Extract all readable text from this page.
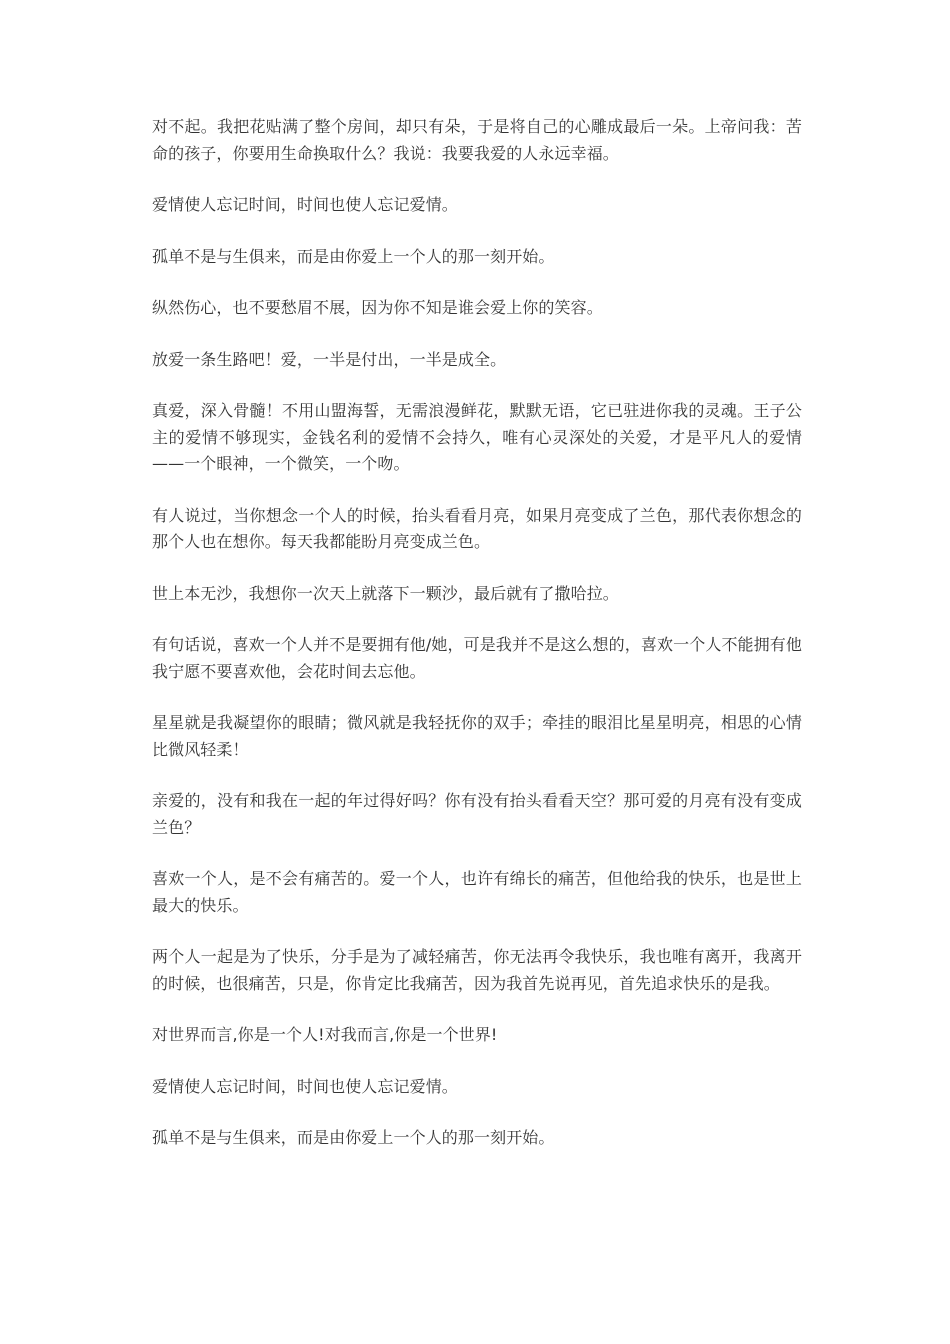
对不起。我把花贴满了整个房间，却只有朵，于是将自己的心雕成最后一朵。上帝问我：苦命的孩子，你要用生命换取什么？我说：我要我爱的人永远幸福。

爱情使人忘记时间，时间也使人忘记爱情。

孤单不是与生俱来，而是由你爱上一个人的那一刻开始。

纵然伤心，也不要愁眉不展，因为你不知是谁会爱上你的笑容。

放爱一条生路吧！爱，一半是付出，一半是成全。

真爱，深入骨髓！不用山盟海誓，无需浪漫鲜花，默默无语，它已驻进你我的灵魂。王子公主的爱情不够现实，金钱名利的爱情不会持久，唯有心灵深处的关爱，才是平凡人的爱情——一个眼神，一个微笑，一个吻。

有人说过，当你想念一个人的时候，抬头看看月亮，如果月亮变成了兰色，那代表你想念的那个人也在想你。每天我都能盼月亮变成兰色。

世上本无沙，我想你一次天上就落下一颗沙，最后就有了撒哈拉。

有句话说，喜欢一个人并不是要拥有他/她，可是我并不是这么想的，喜欢一个人不能拥有他我宁愿不要喜欢他，会花时间去忘他。

星星就是我凝望你的眼睛；微风就是我轻抚你的双手；牵挂的眼泪比星星明亮，相思的心情比微风轻柔！

亲爱的，没有和我在一起的年过得好吗？你有没有抬头看看天空？那可爱的月亮有没有变成兰色？

喜欢一个人，是不会有痛苦的。爱一个人，也许有绵长的痛苦，但他给我的快乐，也是世上最大的快乐。

两个人一起是为了快乐，分手是为了减轻痛苦，你无法再令我快乐，我也唯有离开，我离开的时候，也很痛苦，只是，你肯定比我痛苦，因为我首先说再见，首先追求快乐的是我。

对世界而言,你是一个人!对我而言,你是一个世界!

爱情使人忘记时间，时间也使人忘记爱情。

孤单不是与生俱来，而是由你爱上一个人的那一刻开始。
